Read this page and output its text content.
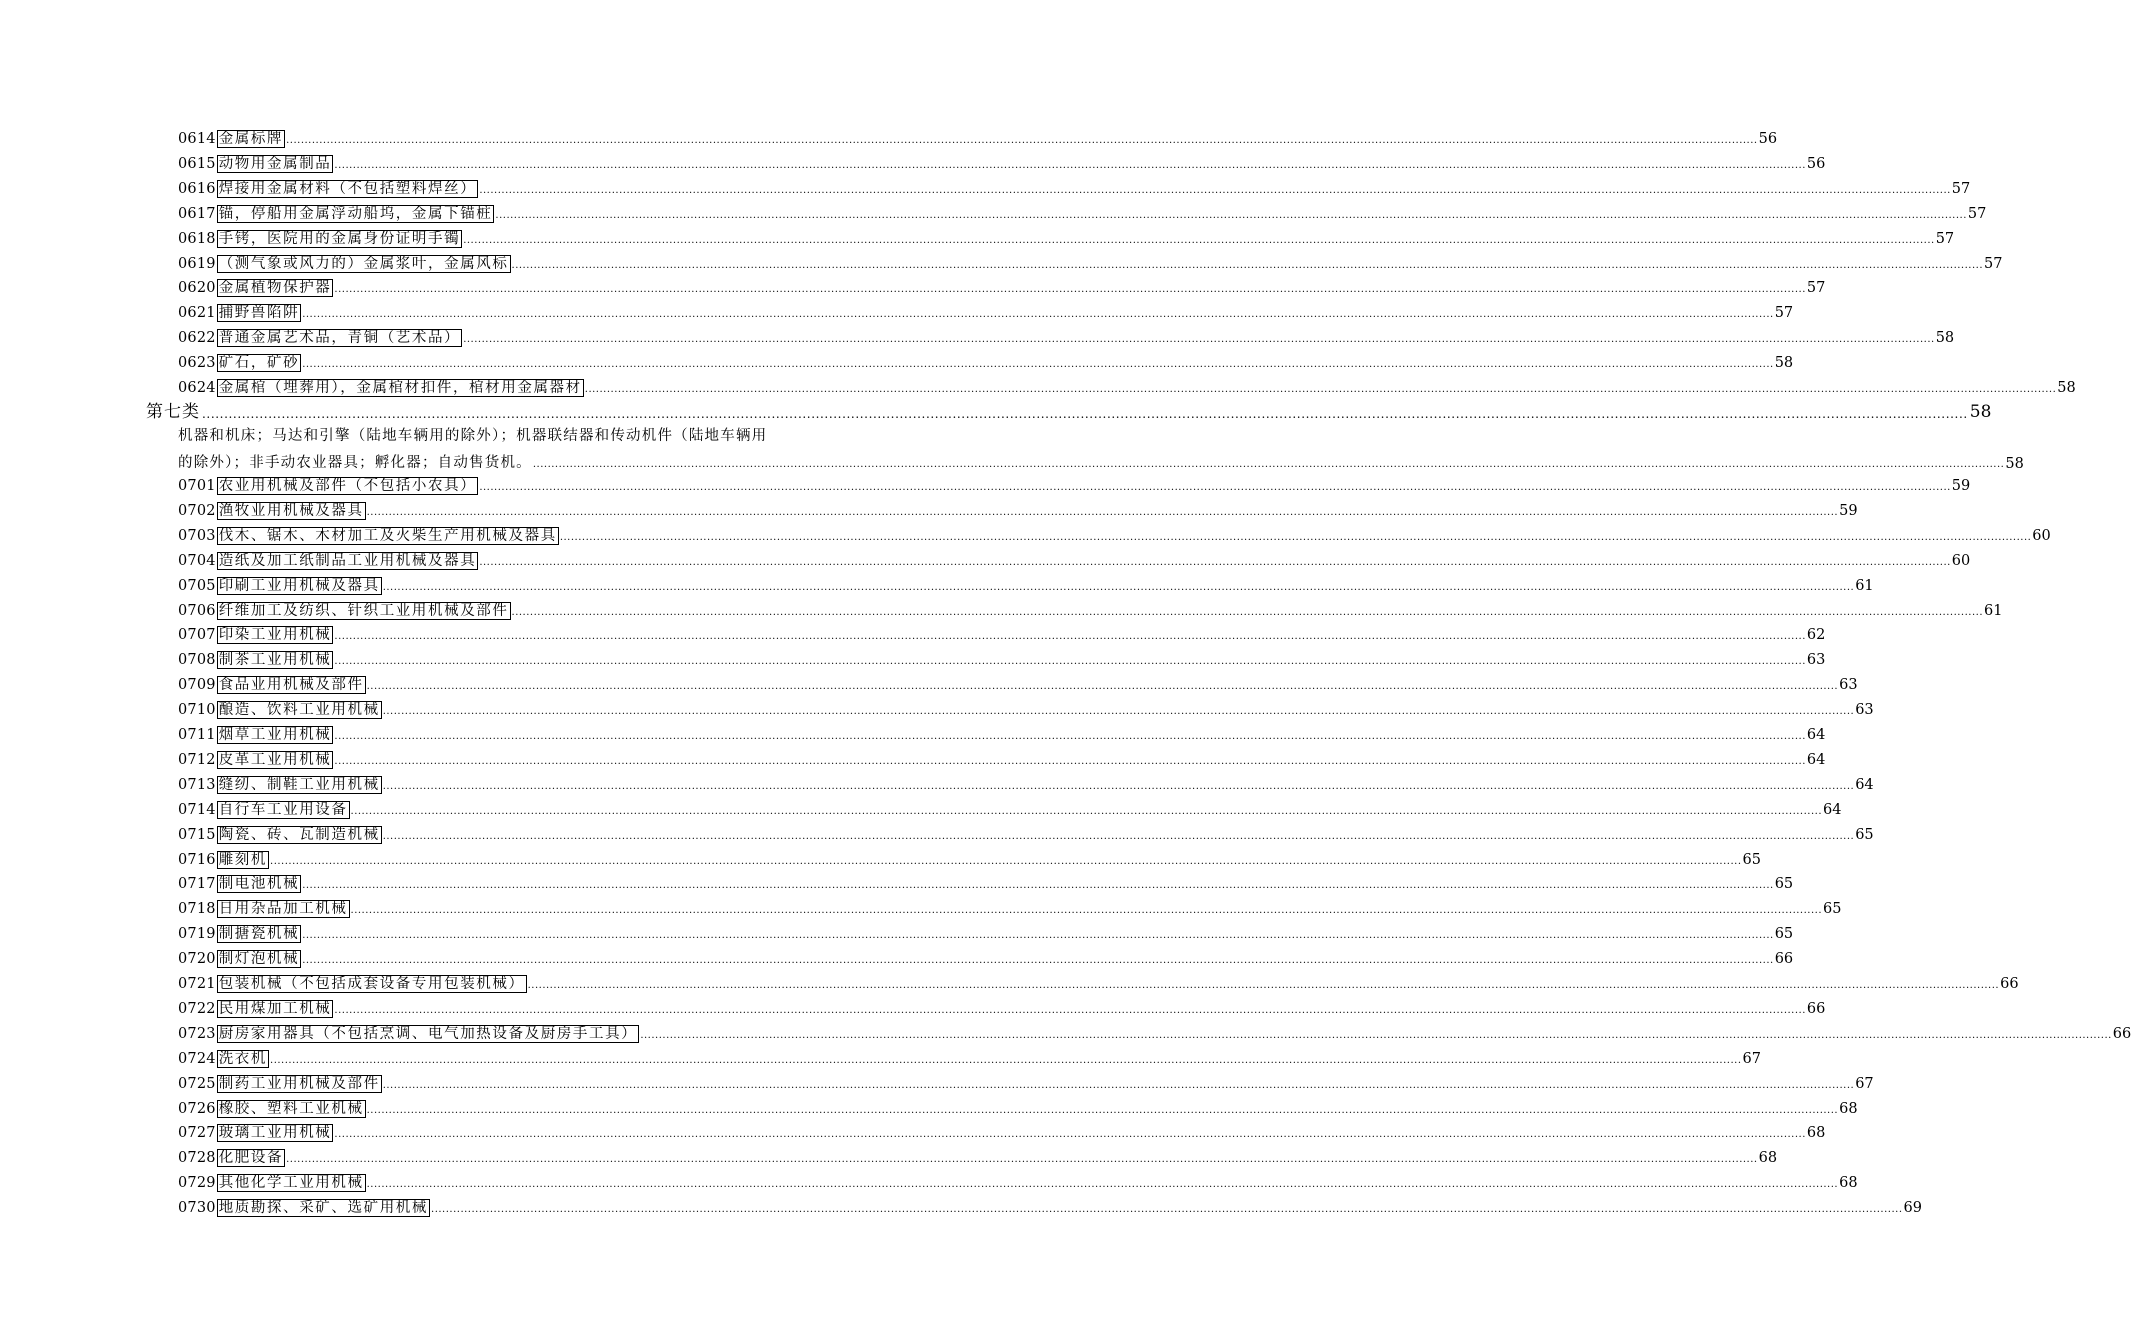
0614 金属标牌 ................................................................................................................................................................................................................................................................................................................................................................................................................ 56
0615 动物用金属制品 ................................................................................................................................................................................................................................................................................................................................................................................................................ 56
0616 焊接用金属材料（不包括塑料焊丝） ................................................................................................................................................................................................................................................................................................................................................................................................................ 57
0617 锚，停船用金属浮动船坞，金属下锚桩 ................................................................................................................................................................................................................................................................................................................................................................................................................ 57
0618 手铐，医院用的金属身份证明手镯 ................................................................................................................................................................................................................................................................................................................................................................................................................ 57
0619 （测气象或风力的）金属浆叶，金属风标 ................................................................................................................................................................................................................................................................................................................................................................................................................ 57
0620 金属植物保护器 ................................................................................................................................................................................................................................................................................................................................................................................................................ 57
0621 捕野兽陷阱 ................................................................................................................................................................................................................................................................................................................................................................................................................ 57
0622 普通金属艺术品，青铜（艺术品） ................................................................................................................................................................................................................................................................................................................................................................................................................ 58
0623 矿石，矿砂 ................................................................................................................................................................................................................................................................................................................................................................................................................ 58
0624 金属棺（埋葬用），金属棺材扣件，棺材用金属器材 ................................................................................................................................................................................................................................................................................................................................................................................................................ 58
第七类 ................................................................................................................................................................................................................................................................................................................................................................................................................ 58
机器和机床；马达和引擎（陆地车辆用的除外）；机器联结器和传动机件（陆地车辆用
的除外）；非手动农业器具；孵化器；自动售货机。 ................................................................................................................................................................................................................................................................................................................................................................................................................ 58
0701 农业用机械及部件（不包括小农具） ................................................................................................................................................................................................................................................................................................................................................................................................................ 59
0702 渔牧业用机械及器具 ................................................................................................................................................................................................................................................................................................................................................................................................................ 59
0703 伐木、锯木、木材加工及火柴生产用机械及器具 ................................................................................................................................................................................................................................................................................................................................................................................................................ 60
0704 造纸及加工纸制品工业用机械及器具 ................................................................................................................................................................................................................................................................................................................................................................................................................ 60
0705 印刷工业用机械及器具 ................................................................................................................................................................................................................................................................................................................................................................................................................ 61
0706 纤维加工及纺织、针织工业用机械及部件 ................................................................................................................................................................................................................................................................................................................................................................................................................ 61
0707 印染工业用机械 ................................................................................................................................................................................................................................................................................................................................................................................................................ 62
0708 制茶工业用机械 ................................................................................................................................................................................................................................................................................................................................................................................................................ 63
0709 食品业用机械及部件 ................................................................................................................................................................................................................................................................................................................................................................................................................ 63
0710 酿造、饮料工业用机械 ................................................................................................................................................................................................................................................................................................................................................................................................................ 63
0711 烟草工业用机械 ................................................................................................................................................................................................................................................................................................................................................................................................................ 64
0712 皮革工业用机械 ................................................................................................................................................................................................................................................................................................................................................................................................................ 64
0713 缝纫、制鞋工业用机械 ................................................................................................................................................................................................................................................................................................................................................................................................................ 64
0714 自行车工业用设备 ................................................................................................................................................................................................................................................................................................................................................................................................................ 64
0715 陶瓷、砖、瓦制造机械 ................................................................................................................................................................................................................................................................................................................................................................................................................ 65
0716 雕刻机 ................................................................................................................................................................................................................................................................................................................................................................................................................ 65
0717 制电池机械 ................................................................................................................................................................................................................................................................................................................................................................................................................ 65
0718 日用杂品加工机械 ................................................................................................................................................................................................................................................................................................................................................................................................................ 65
0719 制搪瓷机械 ................................................................................................................................................................................................................................................................................................................................................................................................................ 65
0720 制灯泡机械 ................................................................................................................................................................................................................................................................................................................................................................................................................ 66
0721 包装机械（不包括成套设备专用包装机械） ................................................................................................................................................................................................................................................................................................................................................................................................................ 66
0722 民用煤加工机械 ................................................................................................................................................................................................................................................................................................................................................................................................................ 66
0723 厨房家用器具（不包括烹调、电气加热设备及厨房手工具） ................................................................................................................................................................................................................................................................................................................................................................................................................ 66
0724 洗衣机 ................................................................................................................................................................................................................................................................................................................................................................................................................ 67
0725 制药工业用机械及部件 ................................................................................................................................................................................................................................................................................................................................................................................................................ 67
0726 橡胶、塑料工业机械 ................................................................................................................................................................................................................................................................................................................................................................................................................ 68
0727 玻璃工业用机械 ................................................................................................................................................................................................................................................................................................................................................................................................................ 68
0728 化肥设备 ................................................................................................................................................................................................................................................................................................................................................................................................................ 68
0729 其他化学工业用机械 ................................................................................................................................................................................................................................................................................................................................................................................................................ 68
0730 地质勘探、采矿、选矿用机械 ................................................................................................................................................................................................................................................................................................................................................................................................................ 69
